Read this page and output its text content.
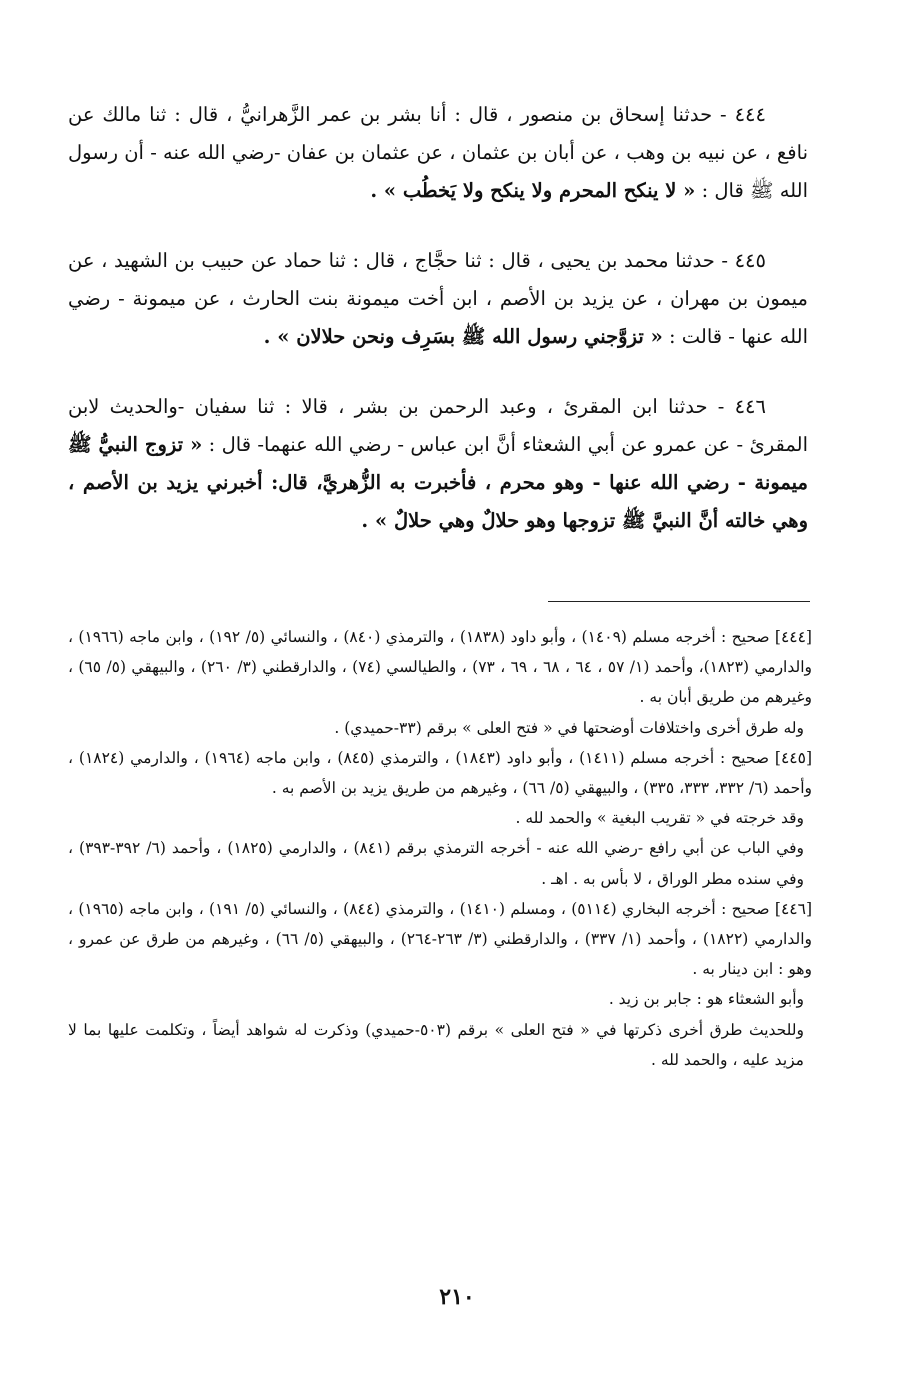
٤٤٤ - حدثنا إسحاق بن منصور ، قال : أنا بشر بن عمر الزَّهرانيُّ ، قال : ثنا مالك عن نافع ، عن نبيه بن وهب ، عن أبان بن عثمان ، عن عثمان بن عفان -رضي الله عنه - أن رسول الله ﷺ قال : « لا ينكح المحرم ولا ينكح ولا يَخطُب » .

٤٤٥ - حدثنا محمد بن يحيى ، قال : ثنا حجَّاج ، قال : ثنا حماد عن حبيب بن الشهيد ، عن ميمون بن مهران ، عن يزيد بن الأصم ، ابن أخت ميمونة بنت الحارث ، عن ميمونة - رضي الله عنها - قالت : « تزوَّجني رسول الله ﷺ بسَرِف ونحن حلالان » .

٤٤٦ - حدثنا ابن المقرئ ، وعبد الرحمن بن بشر ، قالا : ثنا سفيان -والحديث لابن المقرئ - عن عمرو عن أبي الشعثاء أنَّ ابن عباس - رضي الله عنهما- قال : « تزوج النبيُّ ﷺ ميمونة - رضي الله عنها - وهو محرم ، فأخبرت به الزُّهريَّ، قال: أخبرني يزيد بن الأصم ، وهي خالته أنَّ النبيَّ ﷺ تزوجها وهو حلالٌ وهي حلالٌ » .

[٤٤٤] صحيح : أخرجه مسلم (١٤٠٩) ، وأبو داود (١٨٣٨) ، والترمذي (٨٤٠) ، والنسائي (٥/ ١٩٢) ، وابن ماجه (١٩٦٦) ، والدارمي (١٨٢٣)، وأحمد (١/ ٥٧ ، ٦٤ ، ٦٨ ، ٦٩ ، ٧٣) ، والطيالسي (٧٤) ، والدارقطني (٣/ ٢٦٠) ، والبيهقي (٥/ ٦٥) ، وغيرهم من طريق أبان به .

وله طرق أخرى واختلافات أوضحتها في « فتح العلى » برقم (٣٣-حميدي) .

[٤٤٥] صحيح : أخرجه مسلم (١٤١١) ، وأبو داود (١٨٤٣) ، والترمذي (٨٤٥) ، وابن ماجه (١٩٦٤) ، والدارمي (١٨٢٤) ، وأحمد (٦/ ٣٣٢، ٣٣٣، ٣٣٥) ، والبيهقي (٥/ ٦٦) ، وغيرهم من طريق يزيد بن الأصم به .

وقد خرجته في « تقريب البغية » والحمد لله .

وفي الباب عن أبي رافع -رضي الله عنه - أخرجه الترمذي برقم (٨٤١) ، والدارمي (١٨٢٥) ، وأحمد (٦/ ٣٩٢-٣٩٣) ، وفي سنده مطر الوراق ، لا بأس به . اهـ .

[٤٤٦] صحيح : أخرجه البخاري (٥١١٤) ، ومسلم (١٤١٠) ، والترمذي (٨٤٤) ، والنسائي (٥/ ١٩١) ، وابن ماجه (١٩٦٥) ، والدارمي (١٨٢٢) ، وأحمد (١/ ٣٣٧) ، والدارقطني (٣/ ٢٦٣-٢٦٤) ، والبيهقي (٥/ ٦٦) ، وغيرهم من طرق عن عمرو ، وهو : ابن دينار به .

وأبو الشعثاء هو : جابر بن زيد .

وللحديث طرق أخرى ذكرتها في « فتح العلى » برقم (٥٠٣-حميدي) وذكرت له شواهد أيضاً ، وتكلمت عليها بما لا مزيد عليه ، والحمد لله .

٢١٠
